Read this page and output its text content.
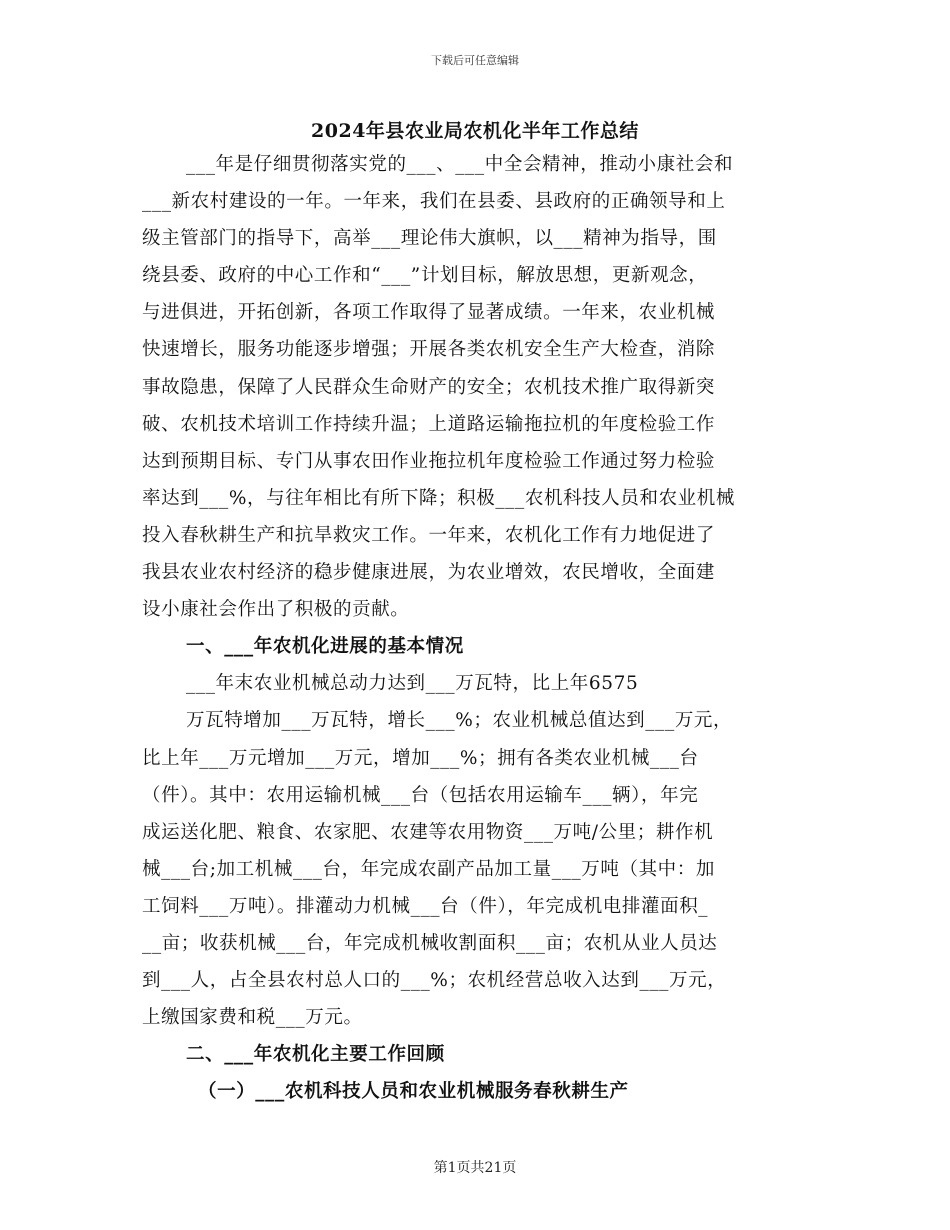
下载后可任意编辑
2024年县农业局农机化半年工作总结
___年是仔细贯彻落实党的___、___中全会精神，推动小康社会和
___新农村建设的一年。一年来，我们在县委、县政府的正确领导和上
级主管部门的指导下，高举___理论伟大旗帜，以___精神为指导，围
绕县委、政府的中心工作和“___”计划目标，解放思想，更新观念，
与进俱进，开拓创新，各项工作取得了显著成绩。一年来，农业机械
快速增长，服务功能逐步增强；开展各类农机安全生产大检查，消除
事故隐患，保障了人民群众生命财产的安全；农机技术推广取得新突
破、农机技术培训工作持续升温；上道路运输拖拉机的年度检验工作
达到预期目标、专门从事农田作业拖拉机年度检验工作通过努力检验
率达到___%，与往年相比有所下降；积极___农机科技人员和农业机械
投入春秋耕生产和抗旱救灾工作。一年来，农机化工作有力地促进了
我县农业农村经济的稳步健康进展，为农业增效，农民增收，全面建
设小康社会作出了积极的贡献。
一、___年农机化进展的基本情况
___年末农业机械总动力达到___万瓦特，比上年6575
万瓦特增加___万瓦特，增长___%；农业机械总值达到___万元，
比上年___万元增加___万元，增加___%；拥有各类农业机械___台
（件）。其中：农用运输机械___台（包括农用运输车___辆），年完
成运送化肥、粮食、农家肥、农建等农用物资___万吨/公里；耕作机
械___台;加工机械___台，年完成农副产品加工量___万吨（其中：加
工饲料___万吨）。排灌动力机械___台（件），年完成机电排灌面积_
__亩；收获机械___台，年完成机械收割面积___亩；农机从业人员达
到___人，占全县农村总人口的___%；农机经营总收入达到___万元，
上缴国家费和税___万元。
二、___年农机化主要工作回顾
（一）___农机科技人员和农业机械服务春秋耕生产
第1页共21页
